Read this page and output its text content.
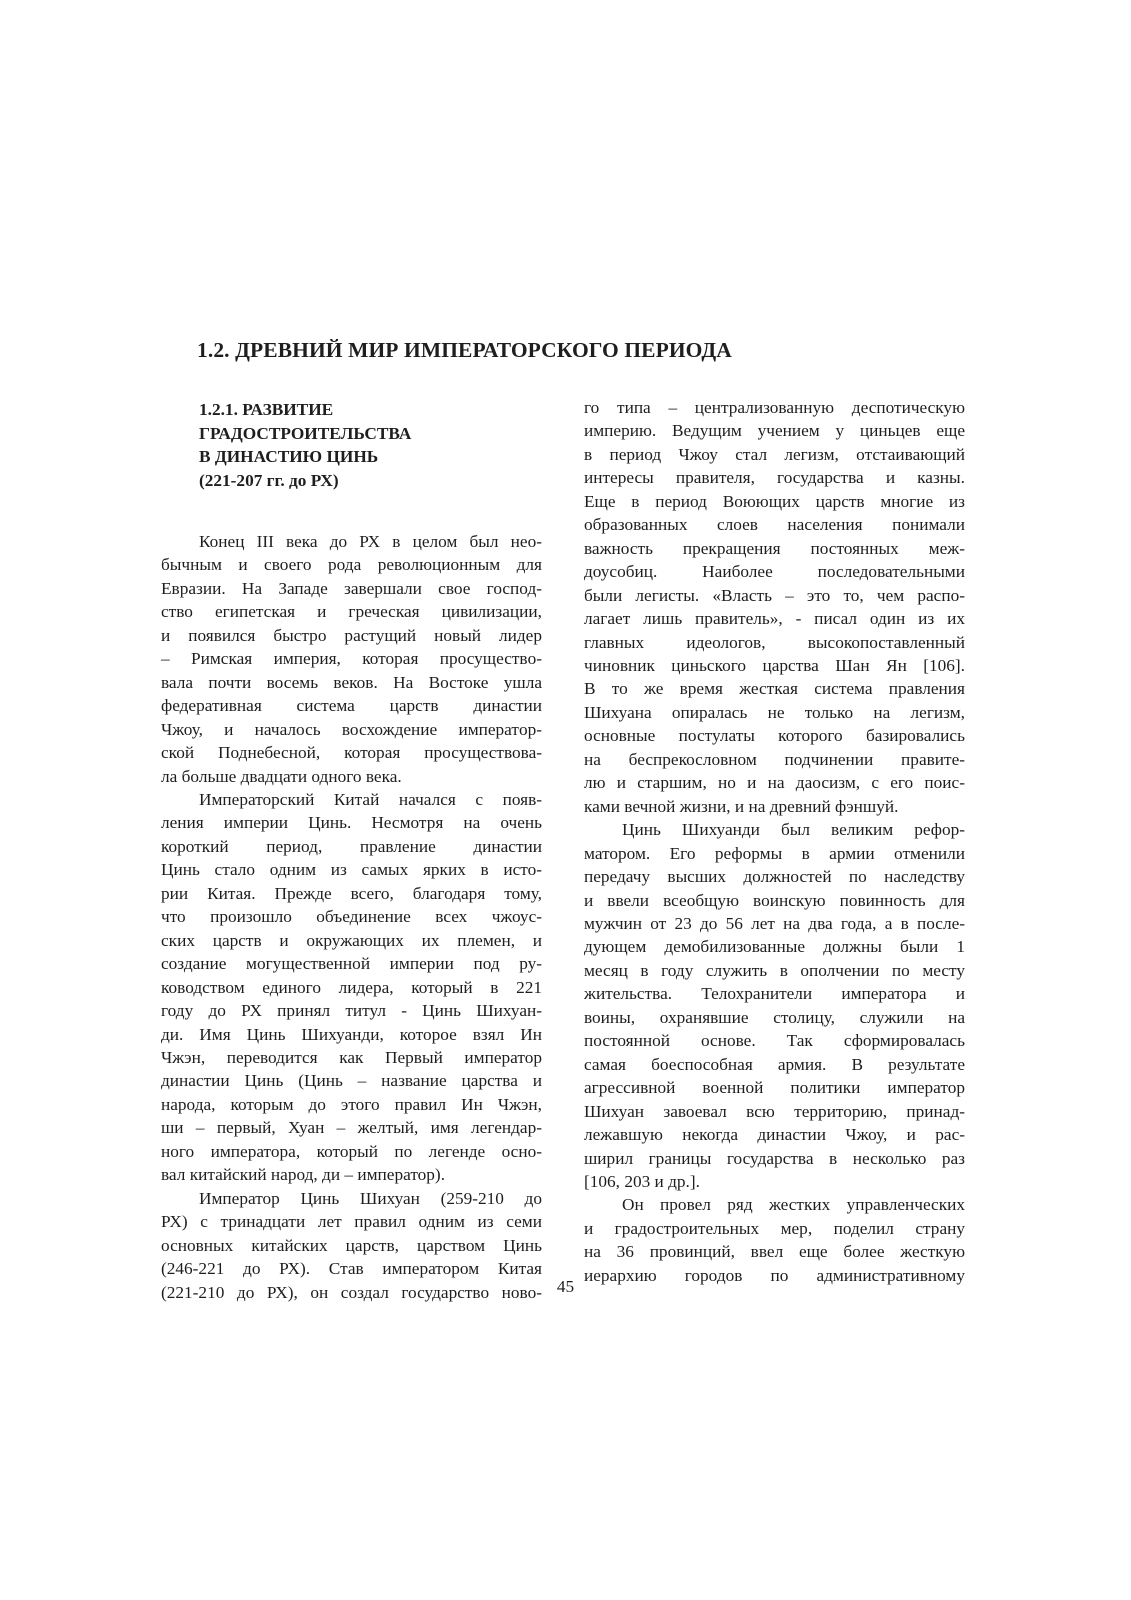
1.2. ДРЕВНИЙ МИР ИМПЕРАТОРСКОГО ПЕРИОДА
1.2.1. РАЗВИТИЕ
ГРАДОСТРОИТЕЛЬСТВА
В ДИНАСТИЮ ЦИНЬ
(221-207 гг. до РХ)
Конец III века до РХ в целом был нео-
бычным и своего рода революционным для
Евразии. На Западе завершали свое господ-
ство египетская и греческая цивилизации,
и появился быстро растущий новый лидер
– Римская империя, которая просуществo-
вала почти восемь веков. На Востоке ушла
федеративная система царств династии
Чжоу, и началось восхождение императoр-
ской Поднебесной, которая просуществова-
ла больше двадцати одного века.
Императорский Китай начался с появ-
ления империи Цинь. Несмотря на очень
короткий период, правление династии
Цинь стало одним из самых ярких в исто-
рии Китая. Прежде всего, благодаря тому,
что произошло объединение всех чжоус-
ских царств и окружающих их племен, и
создание могущественной империи под ру-
ководством единого лидера, который в 221
году до РХ принял титул - Цинь Шихуан-
ди. Имя Цинь Шихуанди, которое взял Ин
Чжэн, переводится как Первый император
династии Цинь (Цинь – название царства и
народа, которым до этого правил Ин Чжэн,
ши – первый, Хуан – желтый, имя легендар-
ного императора, который по легенде осно-
вал китайский народ, ди – император).
Император Цинь Шихуан (259-210 до
РХ) с тринадцати лет правил одним из семи
основных китайских царств, царством Цинь
(246-221 до РХ). Став императором Китая
(221-210 до РХ), он создал государство ново-
го типа – централизованную деспотическую
империю. Ведущим учением у циньцев еще
в период Чжоу стал легизм, отстаивающий
интересы правителя, государства и казны.
Еще в период Воюющих царств многие из
образованных слоев населения понимали
важность прекращения постоянных меж-
доусобиц. Наиболее последовательными
были легисты. «Власть – это то, чем распо-
лагает лишь правитель», - писал один из их
главных идеологов, высокопоставленный
чиновник циньского царства Шан Ян [106].
В то же время жесткая система правления
Шихуана опиралась не только на легизм,
основные постулаты которого базировались
на беспрекословном подчинении правите-
лю и старшим, но и на даосизм, с его поис-
ками вечной жизни, и на древний фэншуй.
Цинь Шихуанди был великим рефор-
матором. Его реформы в армии отменили
передачу высших должностей по наследству
и ввели всеобщую воинскую повинность для
мужчин от 23 до 56 лет на два года, а в после-
дующем демобилизованные должны были 1
месяц в году служить в ополчении по месту
жительства. Телохранители императора и
воины, охранявшие столицу, служили на
постоянной основе. Так сформировалась
самая боеспособная армия. В результате
агрессивной военной политики император
Шихуан завоевал всю территорию, принад-
лежавшую некогда династии Чжоу, и рас-
ширил границы государства в несколько раз
[106, 203 и др.].
Он провел ряд жестких управленческих
и градостроительных мер, поделил страну
на 36 провинций, ввел еще более жесткую
иерархию городов по административному
45
